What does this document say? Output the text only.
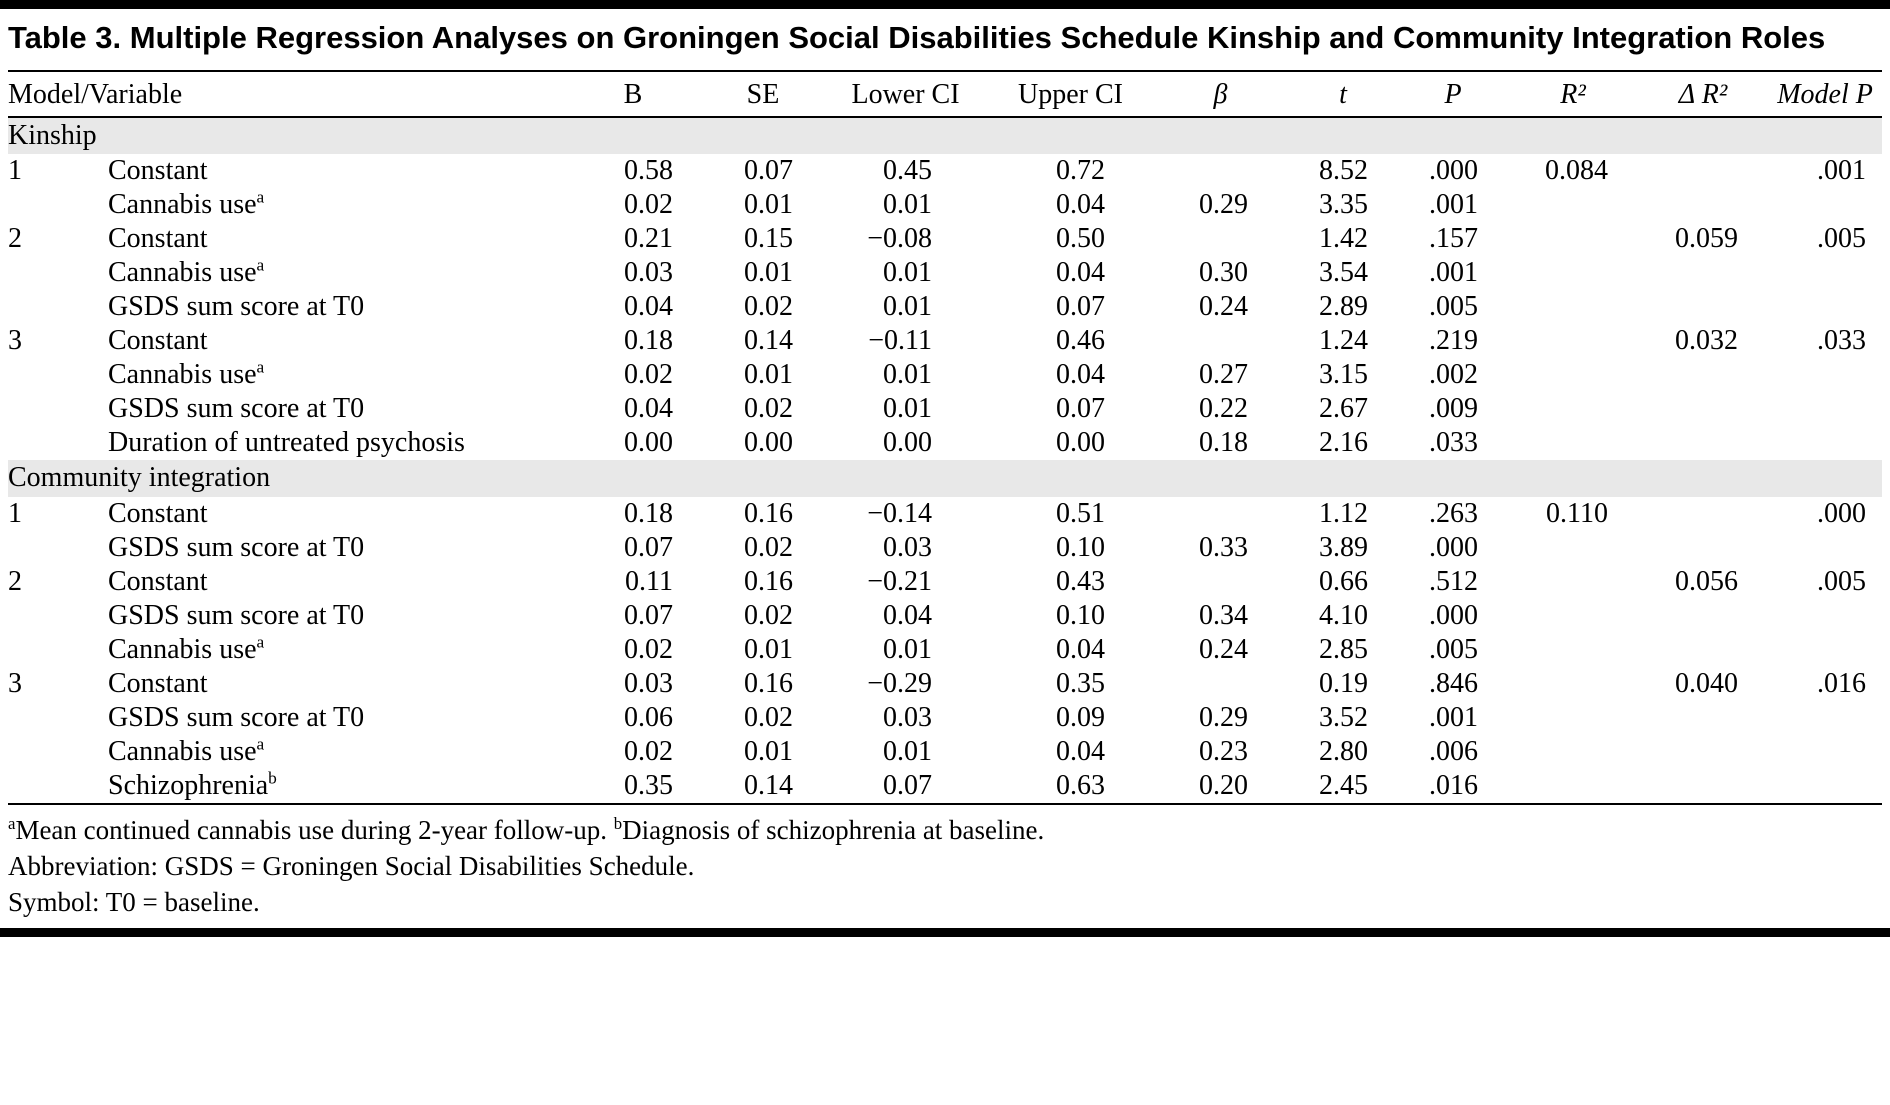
Table 3. Multiple Regression Analyses on Groningen Social Disabilities Schedule Kinship and Community Integration Roles
Model/Variable		B	SE	Lower CI	Upper CI	β	t	P	R²	Δ R²	Model P
Kinship											
1	Constant	0.58	0.07	0.45	0.72		8.52	.000	0.084		.001
	Cannabis use$^a$	0.02	0.01	0.01	0.04	0.29	3.35	.001			
2	Constant	0.21	0.15	−0.08	0.50		1.42	.157		0.059	.005
	Cannabis use$^a$	0.03	0.01	0.01	0.04	0.30	3.54	.001			
	GSDS sum score at T0	0.04	0.02	0.01	0.07	0.24	2.89	.005			
3	Constant	0.18	0.14	−0.11	0.46		1.24	.219		0.032	.033
	Cannabis use$^a$	0.02	0.01	0.01	0.04	0.27	3.15	.002			
	GSDS sum score at T0	0.04	0.02	0.01	0.07	0.22	2.67	.009			
	Duration of untreated psychosis	0.00	0.00	0.00	0.00	0.18	2.16	.033			
Community integration											
1	Constant	0.18	0.16	−0.14	0.51		1.12	.263	0.110		.000
	GSDS sum score at T0	0.07	0.02	0.03	0.10	0.33	3.89	.000			
2	Constant	0.11	0.16	−0.21	0.43		0.66	.512		0.056	.005
	GSDS sum score at T0	0.07	0.02	0.04	0.10	0.34	4.10	.000			
	Cannabis use$^a$	0.02	0.01	0.01	0.04	0.24	2.85	.005			
3	Constant	0.03	0.16	−0.29	0.35		0.19	.846		0.040	.016
	GSDS sum score at T0	0.06	0.02	0.03	0.09	0.29	3.52	.001			
	Cannabis use$^a$	0.02	0.01	0.01	0.04	0.23	2.80	.006			
	Schizophrenia$^b$	0.35	0.14	0.07	0.63	0.20	2.45	.016			
$^a$Mean continued cannabis use during 2-year follow-up. $^b$Diagnosis of schizophrenia at baseline.
Abbreviation: GSDS = Groningen Social Disabilities Schedule.
Symbol: T0 = baseline.
